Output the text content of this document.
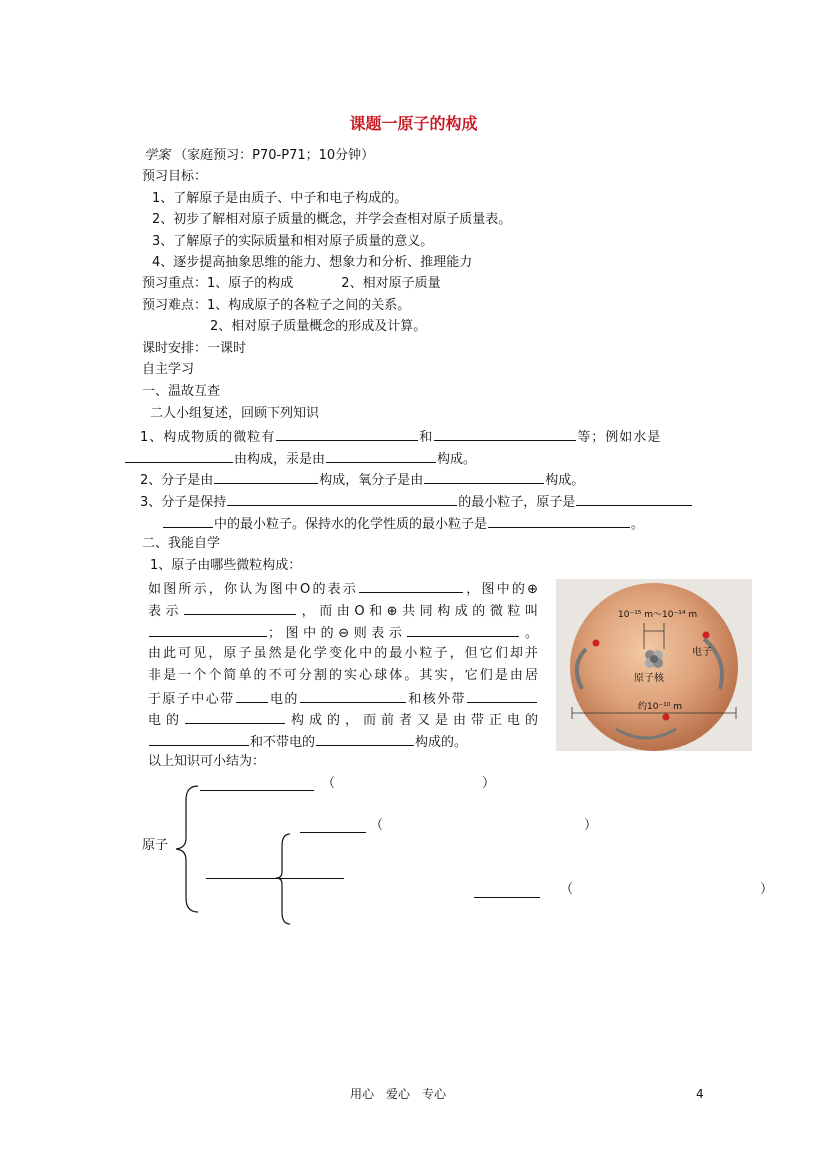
课题一原子的构成
学案 （家庭预习：P70-P71；10分钟）
预习目标：
1、了解原子是由质子、中子和电子构成的。
2、初步了解相对原子质量的概念，并学会查相对原子质量表。
3、了解原子的实际质量和相对原子质量的意义。
4、逐步提高抽象思维的能力、想象力和分析、推理能力
预习重点：1、原子的构成	2、相对原子质量
预习难点：1、构成原子的各粒子之间的关系。
2、相对原子质量概念的形成及计算。
课时安排：一课时
自主学习
一、温故互查
二人小组复述，回顾下列知识
1、构成物质的微粒有	和	等；例如水是
由构成，汞是由	构成。
2、分子是由	构成，氧分子是由	构成。
3、分子是保持	的最小粒子，原子是
中的最小粒子。保持水的化学性质的最小粒子是	。
二、我能自学
1、原子由哪些微粒构成：
如图所示，你认为图中O的表示	，图中的⊕
表示	，而由O和⊕共同构成的微粒叫
；图中的⊖则表示	。
由此可见，原子虽然是化学变化中的最小粒子，但它们却并
非是一个个简单的不可分割的实心球体。其实，它们是由居
于原子中心带	电的	和核外带
电的	构成的，而前者又是由带正电的
和不带电的	构成的。
以上知识可小结为：
10⁻¹⁵ m～10⁻¹⁴ m
电子
原子核
约10⁻¹⁰ m
原子
（	）
（	）
（	）
用心　爱心　专心	4
